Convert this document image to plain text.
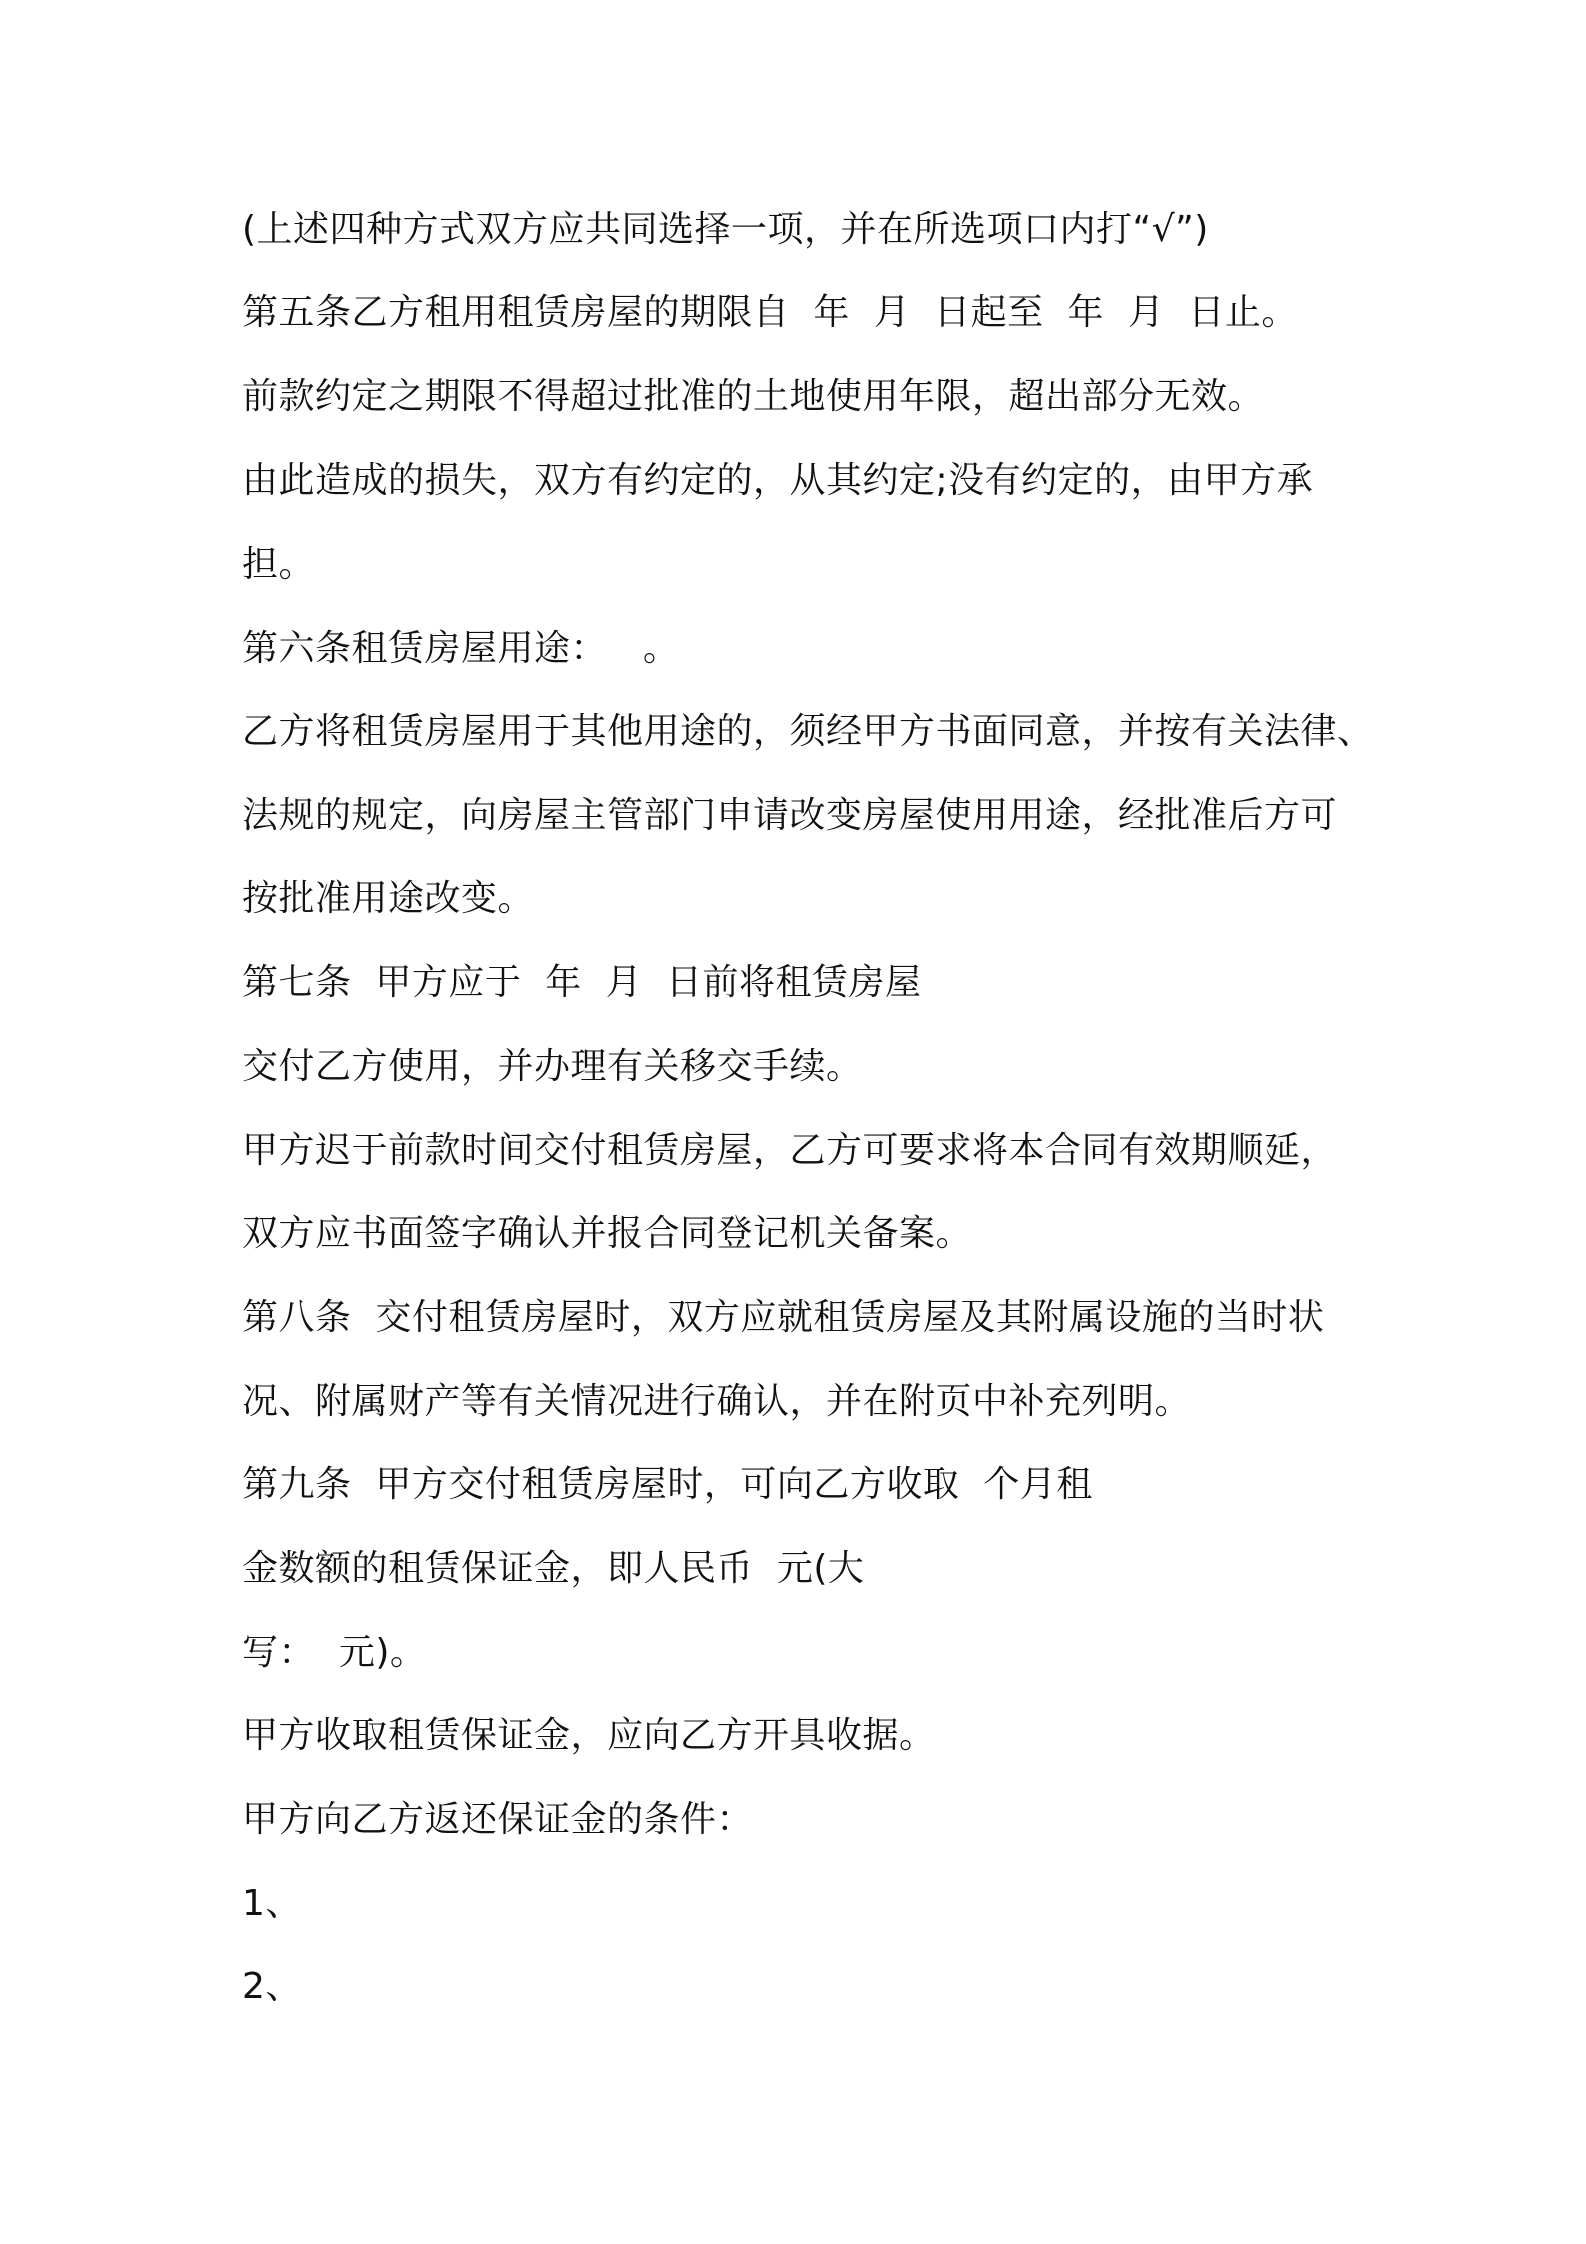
(上述四种方式双方应共同选择一项，并在所选项口内打“√”)
第五条乙方租用租赁房屋的期限自  年  月  日起至  年  月  日止。
前款约定之期限不得超过批准的土地使用年限，超出部分无效。
由此造成的损失，双方有约定的，从其约定;没有约定的，由甲方承
担。
第六条租赁房屋用途：   。
乙方将租赁房屋用于其他用途的，须经甲方书面同意，并按有关法律、
法规的规定，向房屋主管部门申请改变房屋使用用途，经批准后方可
按批准用途改变。
第七条  甲方应于  年  月  日前将租赁房屋
交付乙方使用，并办理有关移交手续。
甲方迟于前款时间交付租赁房屋，乙方可要求将本合同有效期顺延，
双方应书面签字确认并报合同登记机关备案。
第八条  交付租赁房屋时，双方应就租赁房屋及其附属设施的当时状
况、附属财产等有关情况进行确认，并在附页中补充列明。
第九条  甲方交付租赁房屋时，可向乙方收取  个月租
金数额的租赁保证金，即人民币  元(大
写：  元)。
甲方收取租赁保证金，应向乙方开具收据。
甲方向乙方返还保证金的条件：
1、
2、
